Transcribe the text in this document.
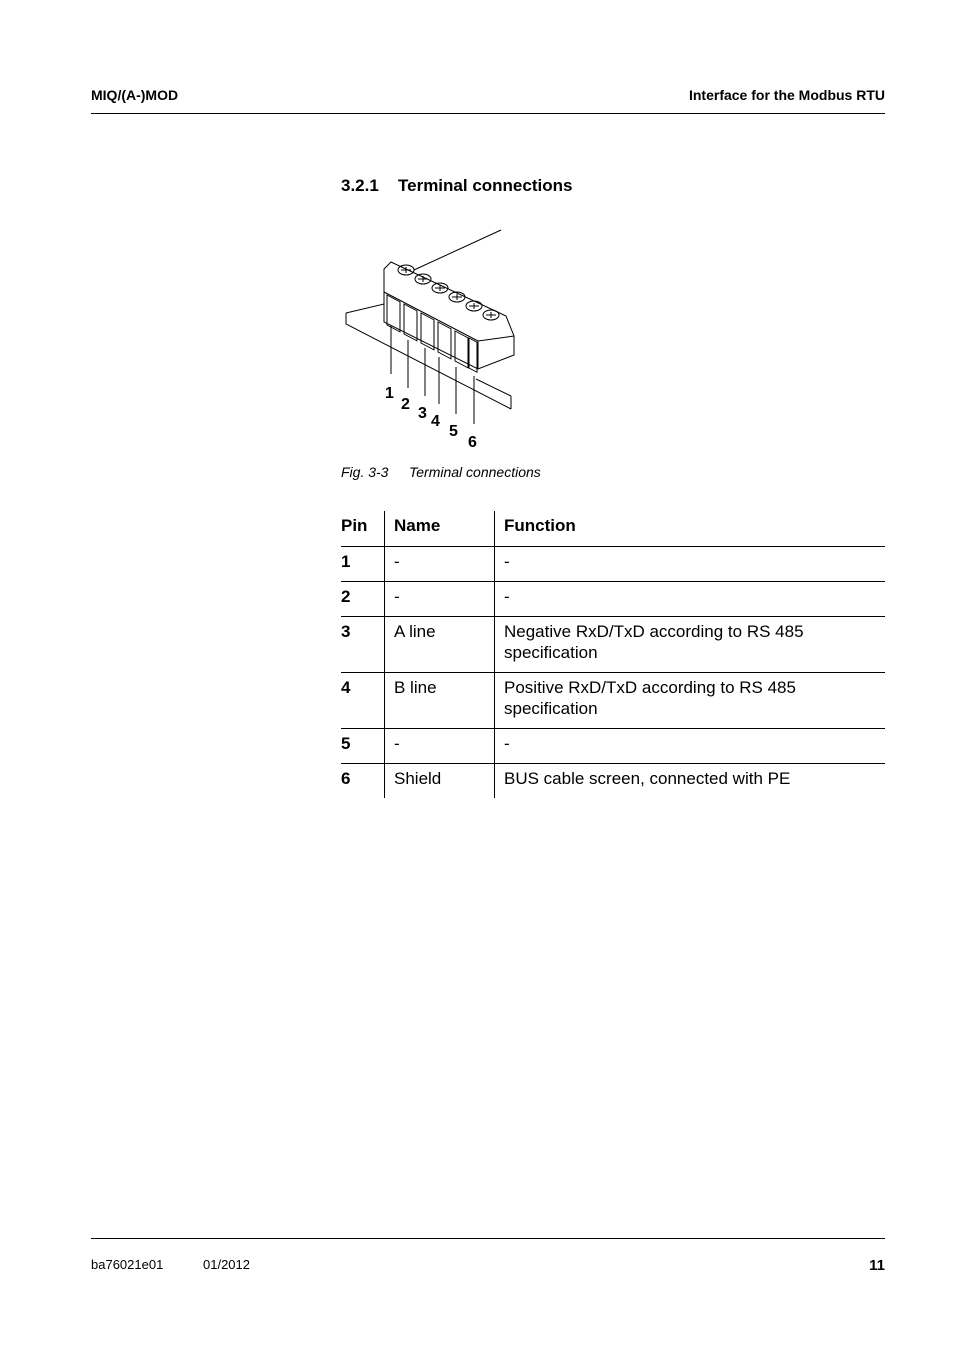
MIQ/(A-)MOD	Interface for the Modbus RTU
3.2.1 Terminal connections
1
2
3 4
5
6
Fig. 3-3 Terminal connections
Pin	Name	Function
1	-	-
2	-	-
3	A line	Negative RxD/TxD according to RS 485 specification
4	B line	Positive RxD/TxD according to RS 485 specification
5	-	-
6	Shield	BUS cable screen, connected with PE
ba76021e01	01/2012	11
